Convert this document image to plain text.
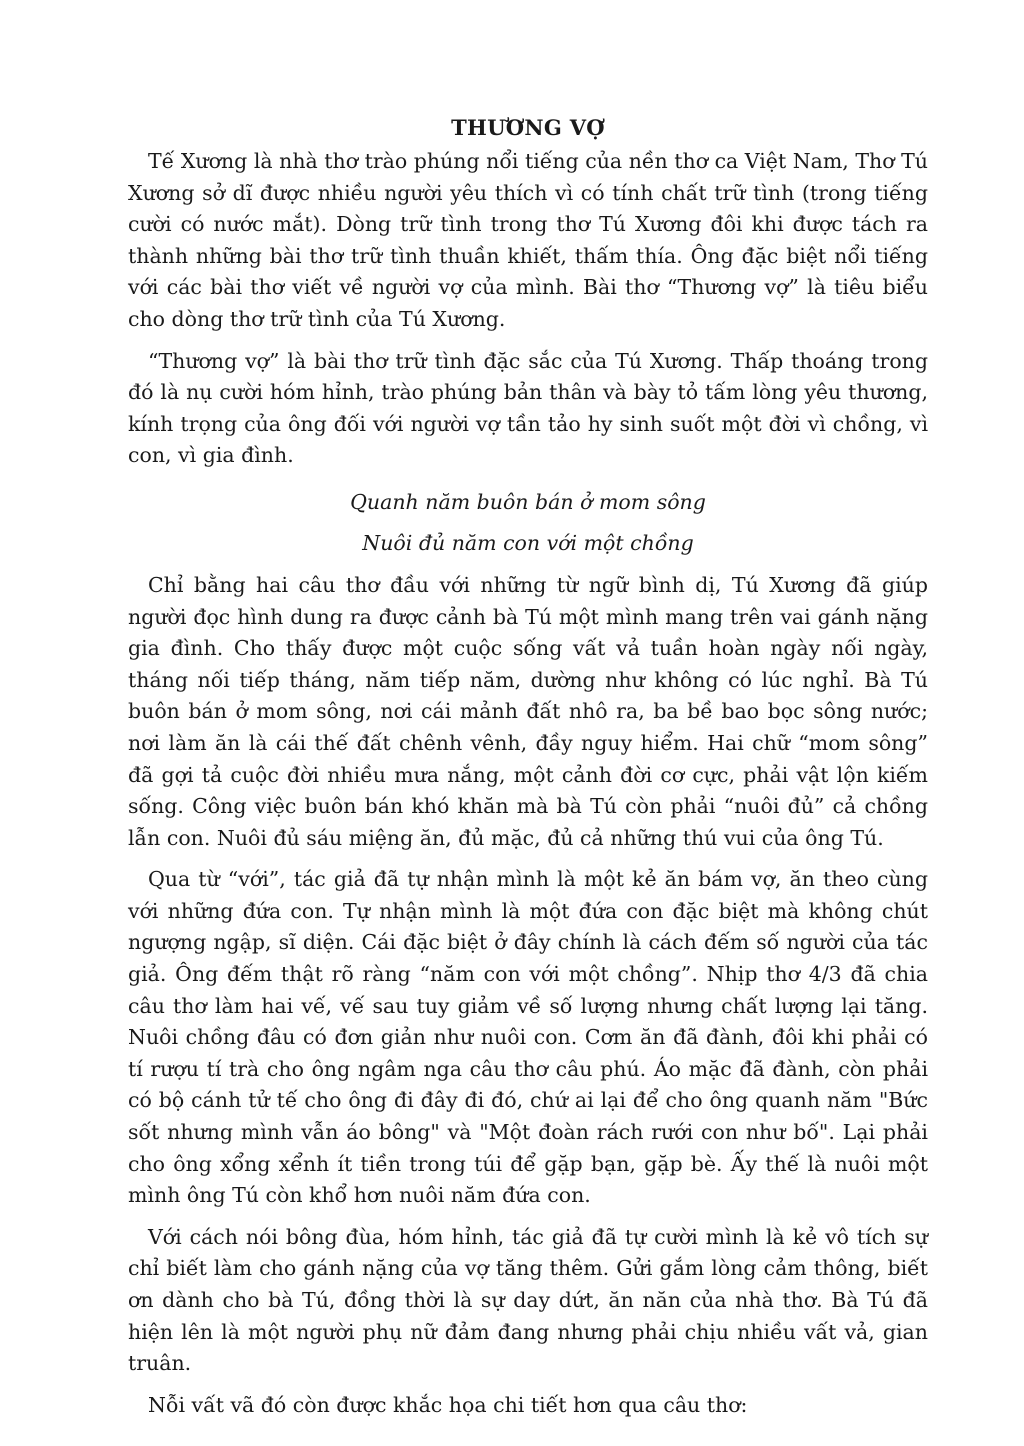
THƯƠNG VỢ

Tế Xương là nhà thơ trào phúng nổi tiếng của nền thơ ca Việt Nam, Thơ Tú Xương sở dĩ được nhiều người yêu thích vì có tính chất trữ tình (trong tiếng cười có nước mắt). Dòng trữ tình trong thơ Tú Xương đôi khi được tách ra thành những bài thơ trữ tình thuần khiết, thấm thía. Ông đặc biệt nổi tiếng với các bài thơ viết về người vợ của mình. Bài thơ “Thương vợ” là tiêu biểu cho dòng thơ trữ tình của Tú Xương.

“Thương vợ” là bài thơ trữ tình đặc sắc của Tú Xương. Thấp thoáng trong đó là nụ cười hóm hỉnh, trào phúng bản thân và bày tỏ tấm lòng yêu thương, kính trọng của ông đối với người vợ tần tảo hy sinh suốt một đời vì chồng, vì con, vì gia đình.

Quanh năm buôn bán ở mom sông

Nuôi đủ năm con với một chồng

Chỉ bằng hai câu thơ đầu với những từ ngữ bình dị, Tú Xương đã giúp người đọc hình dung ra được cảnh bà Tú một mình mang trên vai gánh nặng gia đình. Cho thấy được một cuộc sống vất vả tuần hoàn ngày nối ngày, tháng nối tiếp tháng, năm tiếp năm, dường như không có lúc nghỉ. Bà Tú buôn bán ở mom sông, nơi cái mảnh đất nhô ra, ba bề bao bọc sông nước; nơi làm ăn là cái thế đất chênh vênh, đầy nguy hiểm. Hai chữ “mom sông” đã gợi tả cuộc đời nhiều mưa nắng, một cảnh đời cơ cực, phải vật lộn kiếm sống. Công việc buôn bán khó khăn mà bà Tú còn phải “nuôi đủ” cả chồng lẫn con. Nuôi đủ sáu miệng ăn, đủ mặc, đủ cả những thú vui của ông Tú.

Qua từ “với”, tác giả đã tự nhận mình là một kẻ ăn bám vợ, ăn theo cùng với những đứa con. Tự nhận mình là một đứa con đặc biệt mà không chút ngượng ngập, sĩ diện. Cái đặc biệt ở đây chính là cách đếm số người của tác giả. Ông đếm thật rõ ràng “năm con với một chồng”. Nhịp thơ 4/3 đã chia câu thơ làm hai vế, vế sau tuy giảm về số lượng nhưng chất lượng lại tăng. Nuôi chồng đâu có đơn giản như nuôi con. Cơm ăn đã đành, đôi khi phải có tí rượu tí trà cho ông ngâm nga câu thơ câu phú. Áo mặc đã đành, còn phải có bộ cánh tử tế cho ông đi đây đi đó, chứ ai lại để cho ông quanh năm "Bức sốt nhưng mình vẫn áo bông" và "Một đoàn rách rưới con như bố". Lại phải cho ông xổng xểnh ít tiền trong túi để gặp bạn, gặp bè. Ấy thế là nuôi một mình ông Tú còn khổ hơn nuôi năm đứa con.

Với cách nói bông đùa, hóm hỉnh, tác giả đã tự cười mình là kẻ vô tích sự chỉ biết làm cho gánh nặng của vợ tăng thêm. Gửi gắm lòng cảm thông, biết ơn dành cho bà Tú, đồng thời là sự day dứt, ăn năn của nhà thơ. Bà Tú đã hiện lên là một người phụ nữ đảm đang nhưng phải chịu nhiều vất vả, gian truân.

Nỗi vất vã đó còn được khắc họa chi tiết hơn qua câu thơ:
